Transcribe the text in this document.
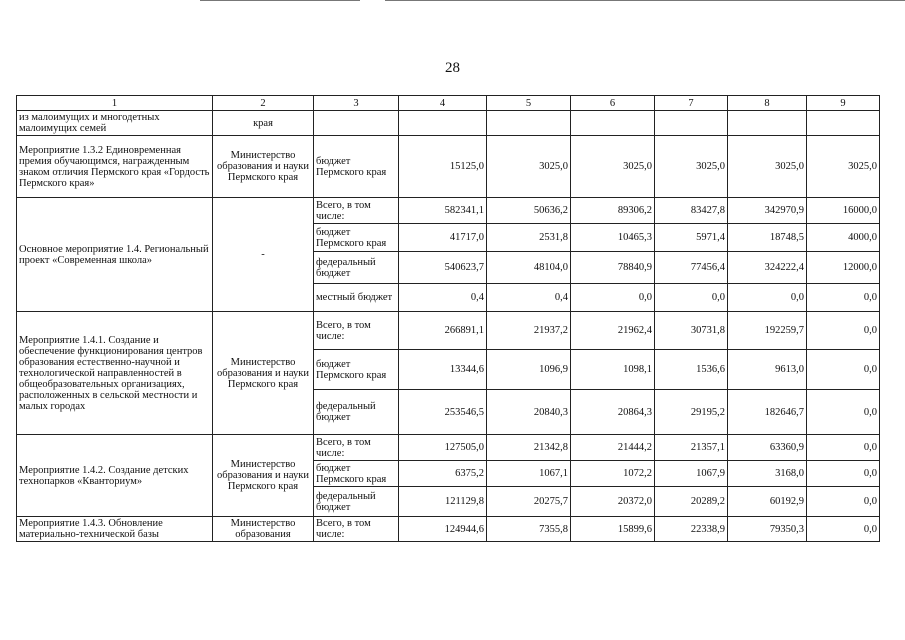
28
1	2	3	4	5	6	7	8	9
из малоимущих и многодетных малоимущих семей	края							
Мероприятие 1.3.2 Единовременная премия обучающимся, награжденным знаком отличия Пермского края «Гордость Пермского края»	Министерство образования и науки Пермского края	бюджет Пермского края	15125,0	3025,0	3025,0	3025,0	3025,0	3025,0
Основное мероприятие 1.4. Региональный проект «Современная школа»	-	Всего, в том числе:	582341,1	50636,2	89306,2	83427,8	342970,9	16000,0
		бюджет Пермского края	41717,0	2531,8	10465,3	5971,4	18748,5	4000,0
		федеральный бюджет	540623,7	48104,0	78840,9	77456,4	324222,4	12000,0
		местный бюджет	0,4	0,4	0,0	0,0	0,0	0,0
Мероприятие 1.4.1. Создание и обеспечение функционирования центров образования естественно-научной и технологической направленностей в общеобразовательных организациях, расположенных в сельской местности и малых городах	Министерство образования и науки Пермского края	Всего, в том числе:	266891,1	21937,2	21962,4	30731,8	192259,7	0,0
		бюджет Пермского края	13344,6	1096,9	1098,1	1536,6	9613,0	0,0
		федеральный бюджет	253546,5	20840,3	20864,3	29195,2	182646,7	0,0
Мероприятие 1.4.2. Создание детских технопарков «Кванториум»	Министерство образования и науки Пермского края	Всего, в том числе:	127505,0	21342,8	21444,2	21357,1	63360,9	0,0
		бюджет Пермского края	6375,2	1067,1	1072,2	1067,9	3168,0	0,0
		федеральный бюджет	121129,8	20275,7	20372,0	20289,2	60192,9	0,0
Мероприятие 1.4.3. Обновление материально-технической базы	Министерство образования	Всего, в том числе:	124944,6	7355,8	15899,6	22338,9	79350,3	0,0
